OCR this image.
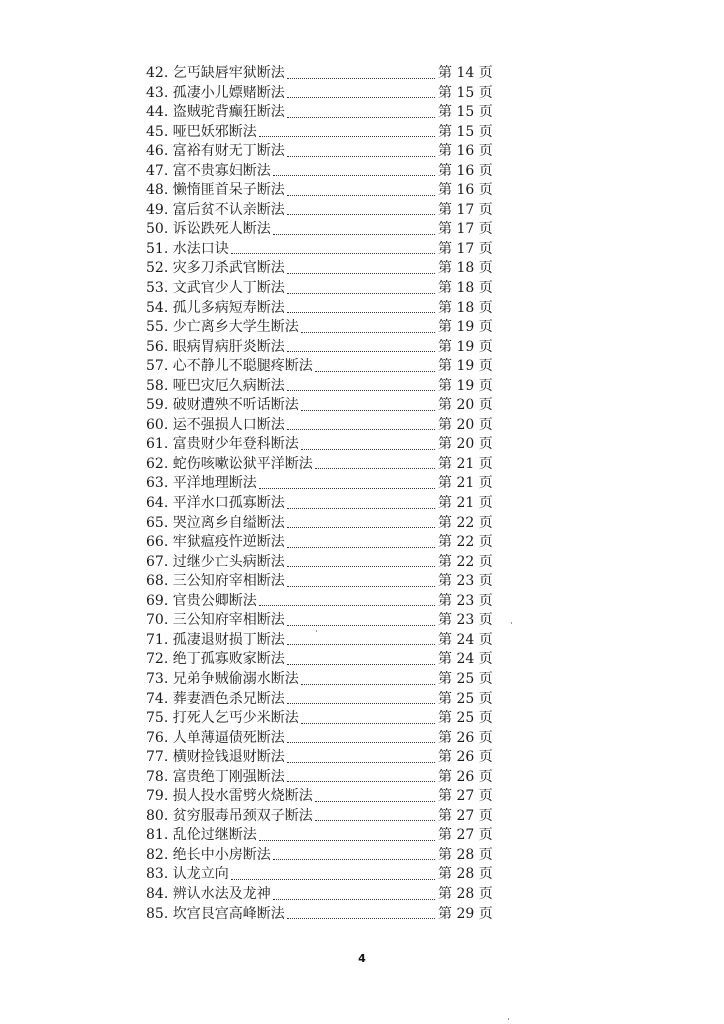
42. 乞丐缺唇牢狱断法	第 14 页
43. 孤凄小儿嫖赌断法	第 15 页
44. 盗贼驼背癫狂断法	第 15 页
45. 哑巴妖邪断法	第 15 页
46. 富裕有财无丁断法	第 16 页
47. 富不贵寡妇断法	第 16 页
48. 懒惰匪首呆子断法	第 16 页
49. 富后贫不认亲断法	第 17 页
50. 诉讼跌死人断法	第 17 页
51. 水法口诀	第 17 页
52. 灾多刀杀武官断法	第 18 页
53. 文武官少人丁断法	第 18 页
54. 孤儿多病短寿断法	第 18 页
55. 少亡离乡大学生断法	第 19 页
56. 眼病胃病肝炎断法	第 19 页
57. 心不静儿不聪腿疼断法	第 19 页
58. 哑巴灾厄久病断法	第 19 页
59. 破财遭殃不听话断法	第 20 页
60. 运不强损人口断法	第 20 页
61. 富贵财少年登科断法	第 20 页
62. 蛇伤咳嗽讼狱平洋断法	第 21 页
63. 平洋地理断法	第 21 页
64. 平洋水口孤寡断法	第 21 页
65. 哭泣离乡自缢断法	第 22 页
66. 牢狱瘟疫忤逆断法	第 22 页
67. 过继少亡头病断法	第 22 页
68. 三公知府宰相断法	第 23 页
69. 官贵公卿断法	第 23 页
70. 三公知府宰相断法	第 23 页
71. 孤凄退财损丁断法	第 24 页
72. 绝丁孤寡败家断法	第 24 页
73. 兄弟争贼偷溺水断法	第 25 页
74. 葬妻酒色杀兄断法	第 25 页
75. 打死人乞丐少米断法	第 25 页
76. 人单薄逼债死断法	第 26 页
77. 横财捡钱退财断法	第 26 页
78. 富贵绝丁刚强断法	第 26 页
79. 损人投水雷劈火烧断法	第 27 页
80. 贫穷服毒吊颈双子断法	第 27 页
81. 乱伦过继断法	第 27 页
82. 绝长中小房断法	第 28 页
83. 认龙立向	第 28 页
84. 辨认水法及龙神	第 28 页
85. 坎宫艮宫高峰断法	第 29 页
4
